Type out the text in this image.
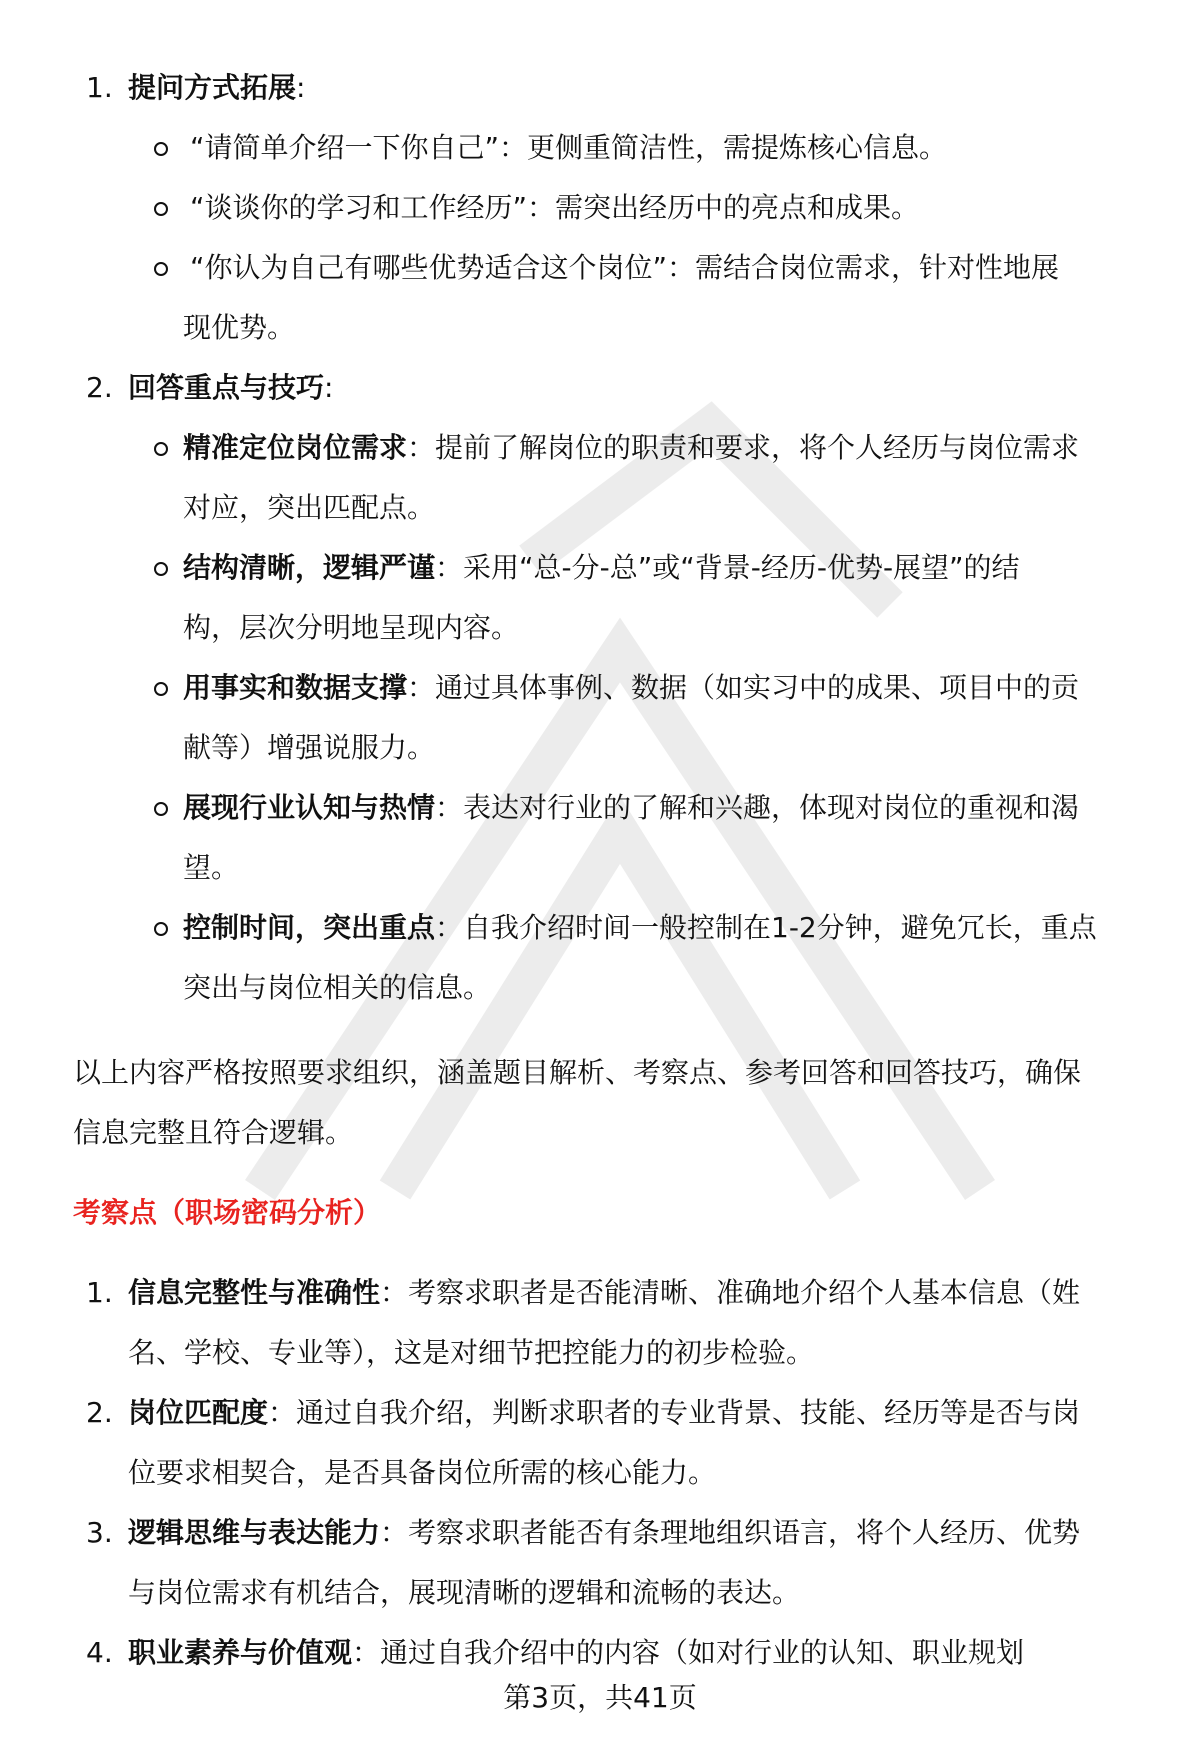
1. 提问方式拓展:
“请简单介绍一下你自己”：更侧重简洁性，需提炼核心信息。
“谈谈你的学习和工作经历”：需突出经历中的亮点和成果。
“你认为自己有哪些优势适合这个岗位”：需结合岗位需求，针对性地展
现优势。
2. 回答重点与技巧:
精准定位岗位需求：提前了解岗位的职责和要求，将个人经历与岗位需求
对应，突出匹配点。
结构清晰，逻辑严谨：采用“总-分-总”或“背景-经历-优势-展望”的结
构，层次分明地呈现内容。
用事实和数据支撑：通过具体事例、数据（如实习中的成果、项目中的贡
献等）增强说服力。
展现行业认知与热情：表达对行业的了解和兴趣，体现对岗位的重视和渴
望。
控制时间，突出重点：自我介绍时间一般控制在1-2分钟，避免冗长，重点
突出与岗位相关的信息。
以上内容严格按照要求组织，涵盖题目解析、考察点、参考回答和回答技巧，确保
信息完整且符合逻辑。
考察点（职场密码分析）
1. 信息完整性与准确性：考察求职者是否能清晰、准确地介绍个人基本信息（姓
名、学校、专业等），这是对细节把控能力的初步检验。
2. 岗位匹配度：通过自我介绍，判断求职者的专业背景、技能、经历等是否与岗
位要求相契合，是否具备岗位所需的核心能力。
3. 逻辑思维与表达能力：考察求职者能否有条理地组织语言，将个人经历、优势
与岗位需求有机结合，展现清晰的逻辑和流畅的表达。
4. 职业素养与价值观：通过自我介绍中的内容（如对行业的认知、职业规划
第3页，共41页
